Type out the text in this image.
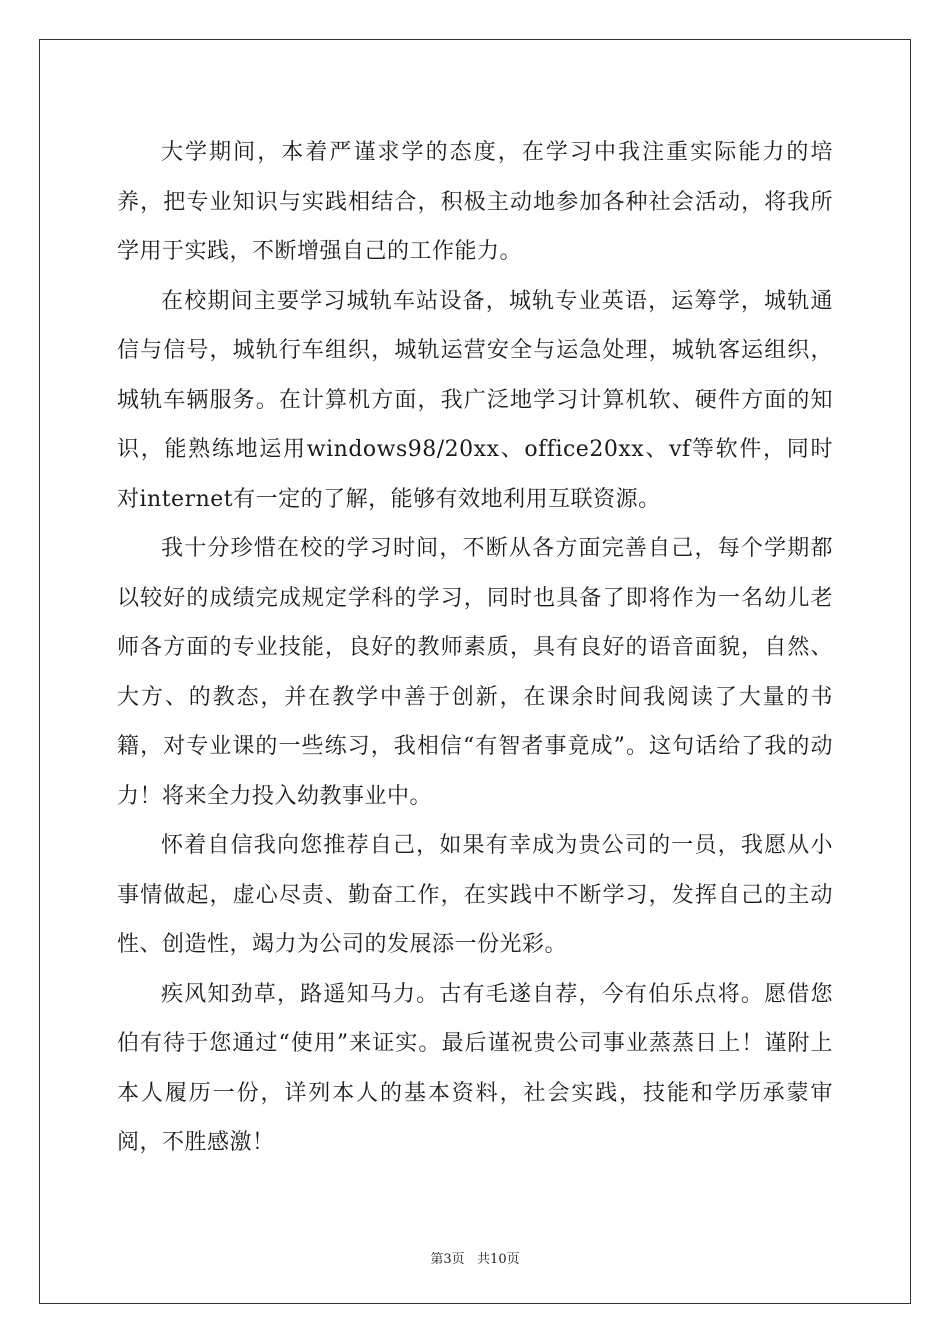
大学期间，本着严谨求学的态度，在学习中我注重实际能力的培养，把专业知识与实践相结合，积极主动地参加各种社会活动，将我所学用于实践，不断增强自己的工作能力。

在校期间主要学习城轨车站设备，城轨专业英语，运筹学，城轨通信与信号，城轨行车组织，城轨运营安全与运急处理，城轨客运组织，城轨车辆服务。在计算机方面，我广泛地学习计算机软、硬件方面的知识，能熟练地运用windows98/20xx、office20xx、vf等软件，同时对internet有一定的了解，能够有效地利用互联资源。

我十分珍惜在校的学习时间，不断从各方面完善自己，每个学期都以较好的成绩完成规定学科的学习，同时也具备了即将作为一名幼儿老师各方面的专业技能，良好的教师素质，具有良好的语音面貌，自然、大方、的教态，并在教学中善于创新，在课余时间我阅读了大量的书籍，对专业课的一些练习，我相信“有智者事竟成”。这句话给了我的动力！将来全力投入幼教事业中。

怀着自信我向您推荐自己，如果有幸成为贵公司的一员，我愿从小事情做起，虚心尽责、勤奋工作，在实践中不断学习，发挥自己的主动性、创造性，竭力为公司的发展添一份光彩。

疾风知劲草，路遥知马力。古有毛遂自荐，今有伯乐点将。愿借您伯有待于您通过“使用”来证实。最后谨祝贵公司事业蒸蒸日上！谨附上本人履历一份，详列本人的基本资料，社会实践，技能和学历承蒙审阅，不胜感激！

第3页   共10页
